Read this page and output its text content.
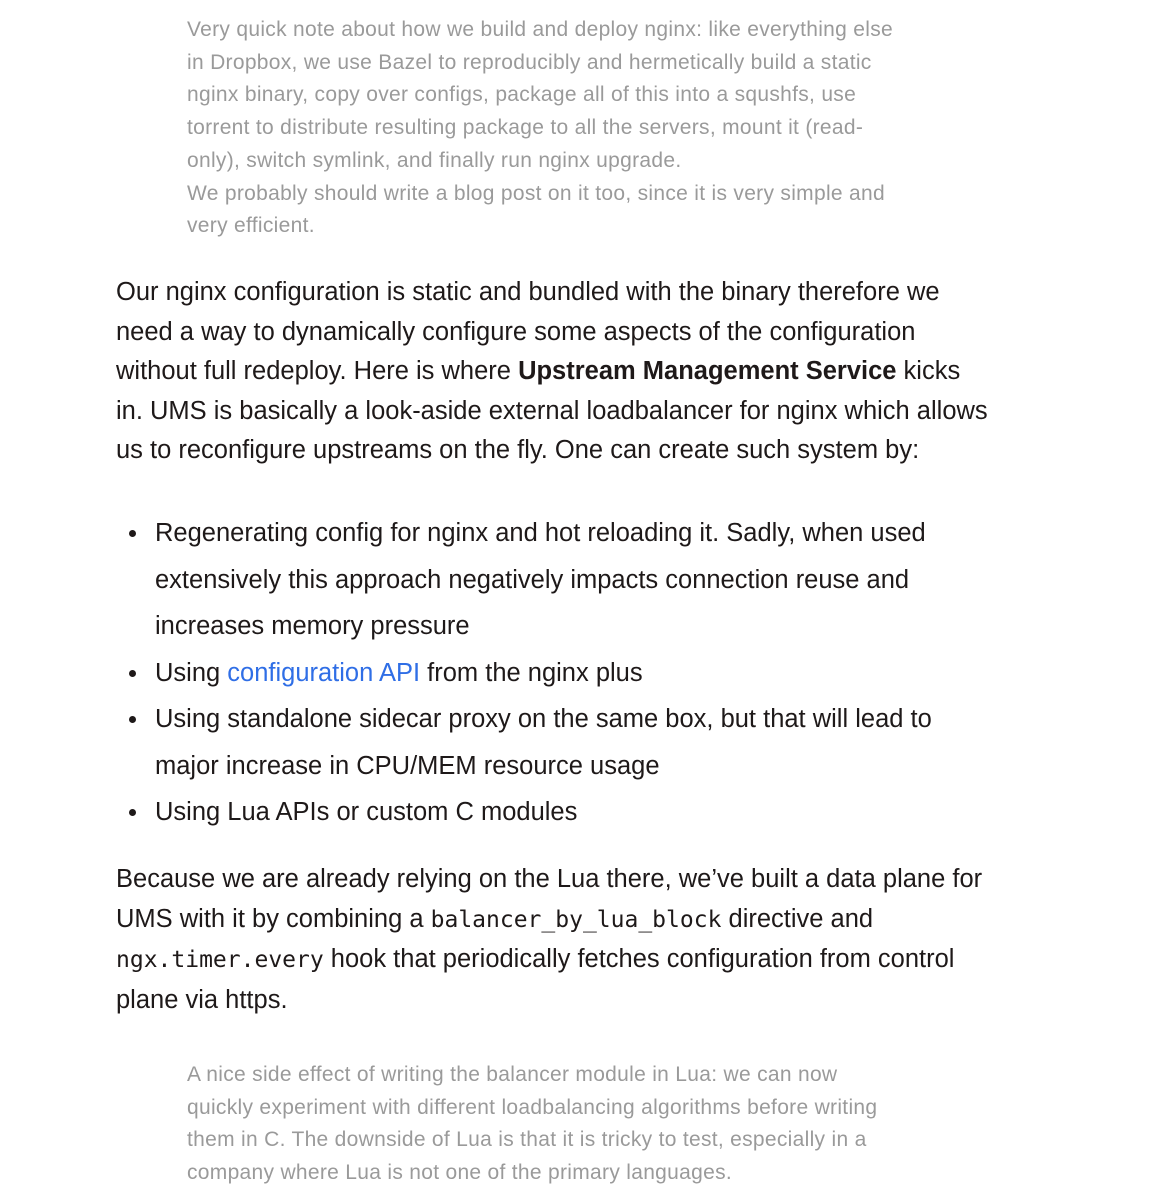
Very quick note about how we build and deploy nginx: like everything else
in Dropbox, we use Bazel to reproducibly and hermetically build a static
nginx binary, copy over configs, package all of this into a squshfs, use
torrent to distribute resulting package to all the servers, mount it (read-
only), switch symlink, and finally run nginx upgrade.
We probably should write a blog post on it too, since it is very simple and
very efficient.
Our nginx configuration is static and bundled with the binary therefore we
need a way to dynamically configure some aspects of the configuration
without full redeploy. Here is where Upstream Management Service kicks
in. UMS is basically a look-aside external loadbalancer for nginx which allows
us to reconfigure upstreams on the fly. One can create such system by:
Regenerating config for nginx and hot reloading it. Sadly, when used
extensively this approach negatively impacts connection reuse and
increases memory pressure
Using configuration API from the nginx plus
Using standalone sidecar proxy on the same box, but that will lead to
major increase in CPU/MEM resource usage
Using Lua APIs or custom C modules
Because we are already relying on the Lua there, we’ve built a data plane for
UMS with it by combining a balancer_by_lua_block directive and
ngx.timer.every hook that periodically fetches configuration from control
plane via https.
A nice side effect of writing the balancer module in Lua: we can now
quickly experiment with different loadbalancing algorithms before writing
them in C. The downside of Lua is that it is tricky to test, especially in a
company where Lua is not one of the primary languages.
